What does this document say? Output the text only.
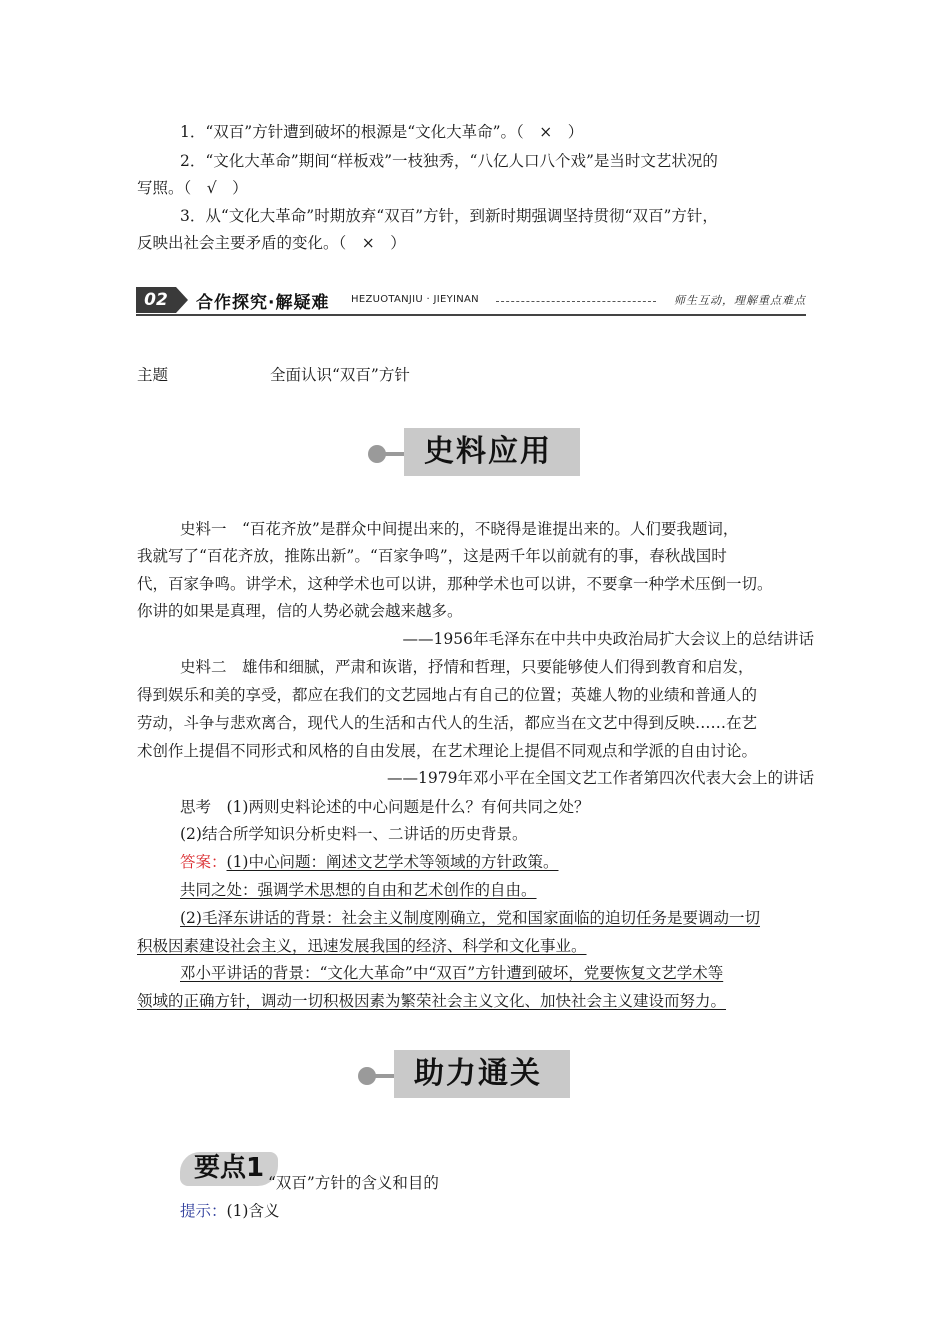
1．“双百”方针遭到破坏的根源是“文化大革命”。（　×　）
2．“文化大革命”期间“样板戏”一枝独秀，“八亿人口八个戏”是当时文艺状况的
写照。（　√　）
3．从“文化大革命”时期放弃“双百”方针，到新时期强调坚持贯彻“双百”方针，
反映出社会主要矛盾的变化。（　×　）
02	合作探究·解疑难 HEZUOTANJIU · JIEYINAN	师生互动，理解重点难点
主题	全面认识“双百”方针
史料应用
史料一　“百花齐放”是群众中间提出来的，不晓得是谁提出来的。人们要我题词，
我就写了“百花齐放，推陈出新”。“百家争鸣”，这是两千年以前就有的事，春秋战国时
代，百家争鸣。讲学术，这种学术也可以讲，那种学术也可以讲，不要拿一种学术压倒一切。
你讲的如果是真理，信的人势必就会越来越多。
——1956年毛泽东在中共中央政治局扩大会议上的总结讲话
史料二　雄伟和细腻，严肃和诙谐，抒情和哲理，只要能够使人们得到教育和启发，
得到娱乐和美的享受，都应在我们的文艺园地占有自己的位置；英雄人物的业绩和普通人的
劳动，斗争与悲欢离合，现代人的生活和古代人的生活，都应当在文艺中得到反映……在艺
术创作上提倡不同形式和风格的自由发展，在艺术理论上提倡不同观点和学派的自由讨论。
——1979年邓小平在全国文艺工作者第四次代表大会上的讲话
思考　(1)两则史料论述的中心问题是什么？有何共同之处？
(2)结合所学知识分析史料一、二讲话的历史背景。
答案：(1)中心问题：阐述文艺学术等领域的方针政策。
共同之处：强调学术思想的自由和艺术创作的自由。
(2)毛泽东讲话的背景：社会主义制度刚确立，党和国家面临的迫切任务是要调动一切
积极因素建设社会主义，迅速发展我国的经济、科学和文化事业。
邓小平讲话的背景：“文化大革命”中“双百”方针遭到破坏，党要恢复文艺学术等
领域的正确方针，调动一切积极因素为繁荣社会主义文化、加快社会主义建设而努力。
助力通关
要点1 “双百”方针的含义和目的
提示：(1)含义
